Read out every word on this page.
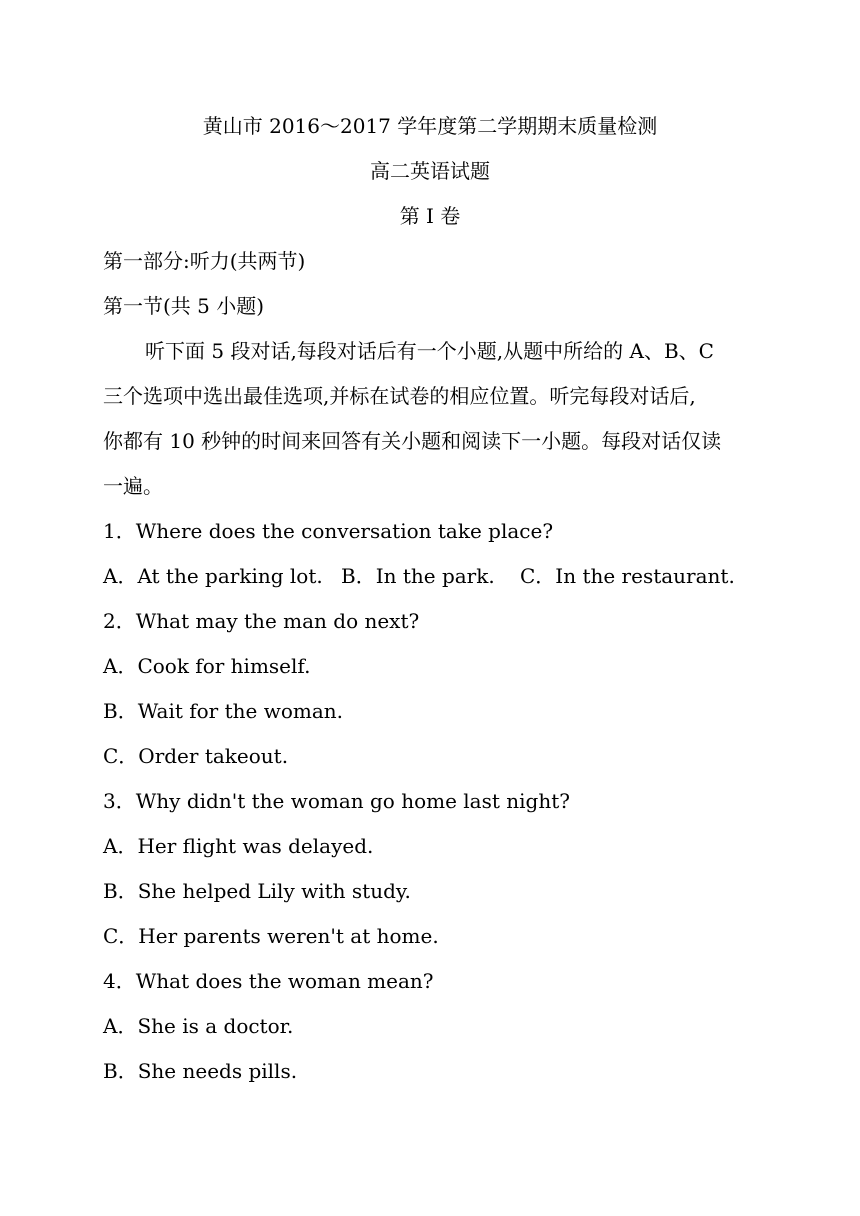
黄山市 2016～2017 学年度第二学期期末质量检测
高二英语试题
第 I 卷
第一部分:听力(共两节)
第一节(共 5 小题)
听下面 5 段对话,每段对话后有一个小题,从题中所给的 A、B、C
三个选项中选出最佳选项,并标在试卷的相应位置。听完每段对话后,
你都有 10 秒钟的时间来回答有关小题和阅读下一小题。每段对话仅读
一遍。
1．Where does the conversation take place?
A．At the parking lot. B．In the park. C．In the restaurant.
2．What may the man do next?
A．Cook for himself.
B．Wait for the woman.
C．Order takeout.
3．Why didn't the woman go home last night?
A．Her flight was delayed.
B．She helped Lily with study.
C．Her parents weren't at home.
4．What does the woman mean?
A．She is a doctor.
B．She needs pills.
